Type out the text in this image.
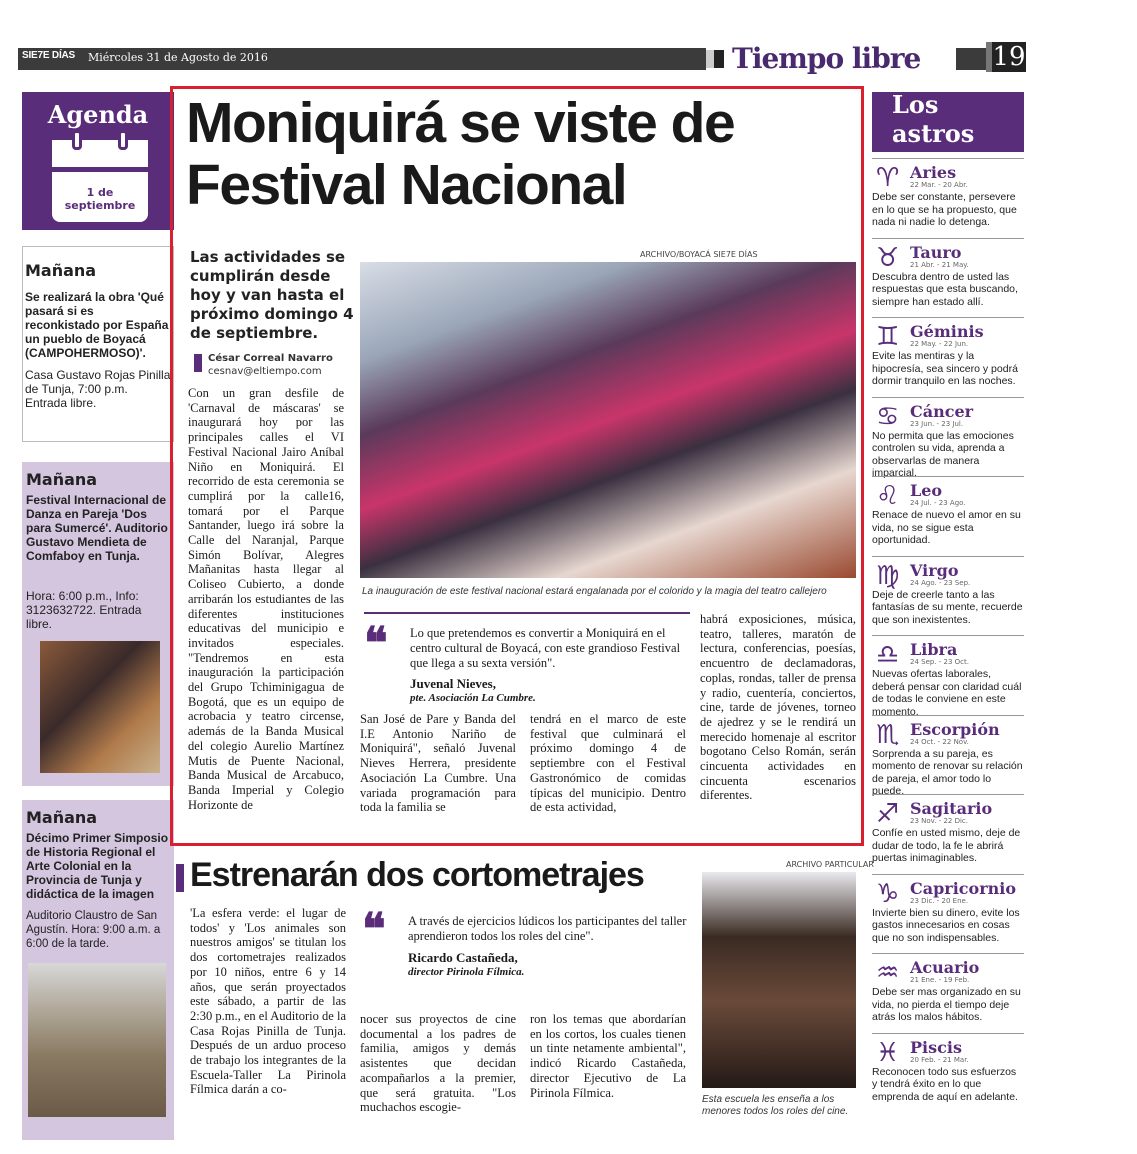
SIE7E DÍAS Miércoles 31 de Agosto de 2016	Tiempo libre	19
Agenda
1 de septiembre
Mañana
Se realizará la obra 'Qué pasará si es reconkistado por España un pueblo de Boyacá (CAMPOHERMOSO)'.
Casa Gustavo Rojas Pinilla de Tunja, 7:00 p.m. Entrada libre.
Mañana
Festival Internacional de Danza en Pareja 'Dos para Sumercé'. Auditorio Gustavo Mendieta de Comfaboy en Tunja.
Hora: 6:00 p.m., Info: 3123632722. Entrada libre.
Mañana
Décimo Primer Simposio de Historia Regional el Arte Colonial en la Provincia de Tunja y didáctica de la imagen
Auditorio Claustro de San Agustín. Hora: 9:00 a.m. a 6:00 de la tarde.
Moniquirá se viste de Festival Nacional
Las actividades se cumplirán desde hoy y van hasta el próximo domingo 4 de septiembre.
César Correal Navarro
cesnav@eltiempo.com
ARCHIVO/BOYACÁ SIE7E DÍAS
La inauguración de este festival nacional estará engalanada por el colorido y la magia del teatro callejero
Con un gran desfile de 'Carnaval de máscaras' se inaugurará hoy por las principales calles el VI Festival Nacional Jairo Aníbal Niño en Moniquirá. El recorrido de esta ceremonia se cumplirá por la calle16, tomará por el Parque Santander, luego irá sobre la Calle del Naranjal, Parque Simón Bolívar, Alegres Mañanitas hasta llegar al Coliseo Cubierto, a donde arribarán los estudiantes de las diferentes instituciones educativas del municipio e invitados especiales. "Tendremos en esta inauguración la participación del Grupo Tchiminigagua de Bogotá, que es un equipo de acrobacia y teatro circense, además de la Banda Musical del colegio Aurelio Martínez Mutis de Puente Nacional, Banda Musical de Arcabuco, Banda Imperial y Colegio Horizonte de
❝ Lo que pretendemos es convertir a Moniquirá en el centro cultural de Boyacá, con este grandioso Festival que llega a su sexta versión".
Juvenal Nieves,
pte. Asociación La Cumbre.
San José de Pare y Banda del I.E Antonio Nariño de Moniquirá", señaló Juvenal Nieves Herrera, presidente Asociación La Cumbre. Una variada programación para toda la familia se
tendrá en el marco de este festival que culminará el próximo domingo 4 de septiembre con el Festival Gastronómico de comidas típicas del municipio. Dentro de esta actividad,
habrá exposiciones, música, teatro, talleres, maratón de lectura, conferencias, poesías, encuentro de declamadoras, coplas, rondas, taller de prensa y radio, cuentería, conciertos, cine, tarde de jóvenes, torneo de ajedrez y se le rendirá un merecido homenaje al escritor bogotano Celso Román, serán cincuenta actividades en cincuenta escenarios diferentes.
Estrenarán dos cortometrajes	ARCHIVO PARTICULAR
'La esfera verde: el lugar de todos' y 'Los animales son nuestros amigos' se titulan los dos cortometrajes realizados por 10 niños, entre 6 y 14 años, que serán proyectados este sábado, a partir de las 2:30 p.m., en el Auditorio de la Casa Rojas Pinilla de Tunja. Después de un arduo proceso de trabajo los integrantes de la Escuela-Taller La Pirinola Fílmica darán a co-
❝ A través de ejercicios lúdicos los participantes del taller aprendieron todos los roles del cine".
Ricardo Castañeda,
director Pirinola Fílmica.
nocer sus proyectos de cine documental a los padres de familia, amigos y demás asistentes que decidan acompañarlos a la premier, que será gratuita. "Los muchachos escogie-
ron los temas que abordarían en los cortos, los cuales tienen un tinte netamente ambiental", indicó Ricardo Castañeda, director Ejecutivo de La Pirinola Fílmica.	Esta escuela les enseña a los menores todos los roles del cine.
Los astros
♈ Aries
22 Mar. - 20 Abr.
Debe ser constante, persevere en lo que se ha propuesto, que nada ni nadie lo detenga.
♉ Tauro
21 Abr. - 21 May.
Descubra dentro de usted las respuestas que esta buscando, siempre han estado allí.
♊ Géminis
22 May. - 22 Jun.
Evite las mentiras y la hipocresía, sea sincero y podrá dormir tranquilo en las noches.
♋ Cáncer
23 Jun. - 23 Jul.
No permita que las emociones controlen su vida, aprenda a observarlas de manera imparcial.
♌ Leo
24 Jul. - 23 Ago.
Renace de nuevo el amor en su vida, no se sigue esta oportunidad.
♍ Virgo
24 Ago. - 23 Sep.
Deje de creerle tanto a las fantasías de su mente, recuerde que son inexistentes.
♎ Libra
24 Sep. - 23 Oct.
Nuevas ofertas laborales, deberá pensar con claridad cuál de todas le conviene en este momento.
♏ Escorpión
24 Oct. - 22 Nov.
Sorprenda a su pareja, es momento de renovar su relación de pareja, el amor todo lo puede.
♐ Sagitario
23 Nov. - 22 Dic.
Confíe en usted mismo, deje de dudar de todo, la fe le abrirá puertas inimaginables.
♑ Capricornio
23 Dic. - 20 Ene.
Invierte bien su dinero, evite los gastos innecesarios en cosas que no son indispensables.
♒ Acuario
21 Ene. - 19 Feb.
Debe ser mas organizado en su vida, no pierda el tiempo deje atrás los malos hábitos.
♓ Piscis
20 Feb. - 21 Mar.
Reconocen todo sus esfuerzos y tendrá éxito en lo que emprenda de aquí en adelante.
